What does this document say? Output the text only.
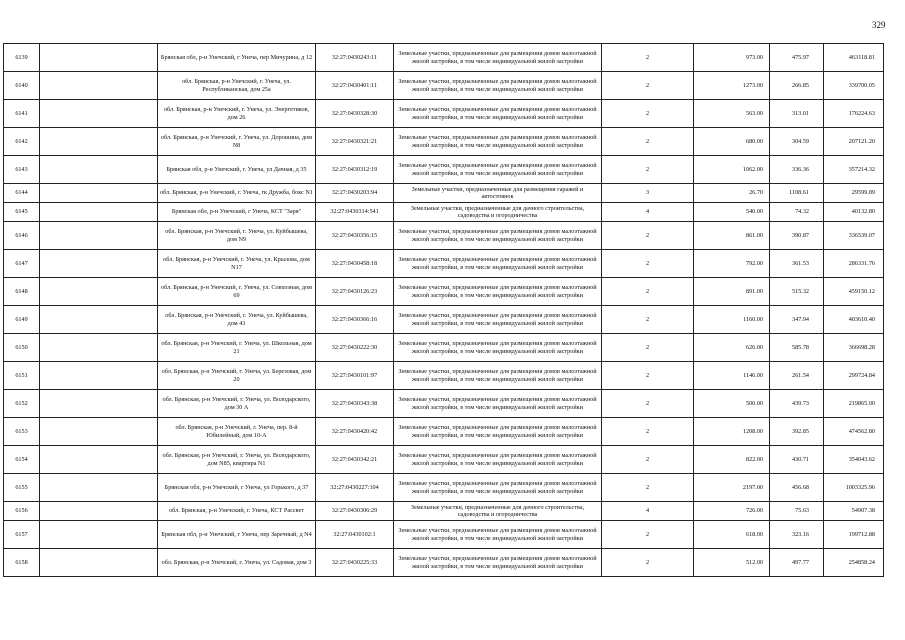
329
6139		Брянская обл, р-н Унечский, г Унеча, пер Мичурина, д 12	32:27:0430243:11	Земельные участки, предназначенные для размещения домов малоэтажной жилой застройки, в том числе индивидуальной жилой застройки	2	973.00	475.97	463118.81
6140		обл. Брянская, р-н Унечский, г. Унеча, ул. Республиканская, дом 25а	32:27:0430401:11	Земельные участки, предназначенные для размещения домов малоэтажной жилой застройки, в том числе индивидуальной жилой застройки	2	1273.00	266.85	339700.05
6141		обл. Брянская, р-н Унечский, г. Унеча, ул. Энергетиков, дом 26	32:27:0430328:30	Земельные участки, предназначенные для размещения домов малоэтажной жилой застройки, в том числе индивидуальной жилой застройки	2	563.00	313.01	176224.63
6142		обл. Брянская, р-н Унечский, г. Унеча, ул. Дорошина, дом N8	32:27:0430321:21	Земельные участки, предназначенные для размещения домов малоэтажной жилой застройки, в том числе индивидуальной жилой застройки	2	680.00	304.59	207121.20
6143		Брянская обл, р-н Унечский, г. Унеча, ул Дачная, д 35	32:27:0430312:19	Земельные участки, предназначенные для размещения домов малоэтажной жилой застройки, в том числе индивидуальной жилой застройки	2	1062.00	336.36	357214.32
6144		обл. Брянская, р-н Унечский, г. Унеча, гк Дружба, бокс N1	32:27:0430203:94	Земельные участки, предназначенные для размещения гаражей и автостоянок	3	26.70	1108.61	29599.89
6145		Брянская обл, р-н Унечский, г Унеча, КСТ "Заря"	32:27:0430314:541	Земельные участки, предназначенные для дачного строительства, садоводства и огородничества	4	540.00	74.32	40132.80
6146		обл. Брянская, р-н Унечский, г. Унеча, ул. Куйбышева, дом N9	32:27:0430356:15	Земельные участки, предназначенные для размещения домов малоэтажной жилой застройки, в том числе индивидуальной жилой застройки	2	861.00	390.87	336539.07
6147		обл. Брянская, р-н Унечский, г. Унеча, ул. Крылова, дом N17	32:27:0430458:18	Земельные участки, предназначенные для размещения домов малоэтажной жилой застройки, в том числе индивидуальной жилой застройки	2	792.00	361.53	286331.76
6148		обл. Брянская, р-н Унечский, г. Унеча, ул. Совхозная, дом 69	32:27:0430126:23	Земельные участки, предназначенные для размещения домов малоэтажной жилой застройки, в том числе индивидуальной жилой застройки	2	891.00	515.32	459150.12
6149		обл. Брянская, р-н Унечский, г. Унеча, ул. Куйбышева, дом 43	32:27:0430366:16	Земельные участки, предназначенные для размещения домов малоэтажной жилой застройки, в том числе индивидуальной жилой застройки	2	1160.00	347.94	403610.40
6150		обл. Брянская, р-н Унечский, г. Унеча, ул. Школьная, дом 21	32:27:0430222:30	Земельные участки, предназначенные для размещения домов малоэтажной жилой застройки, в том числе индивидуальной жилой застройки	2	626.00	585.78	366698.28
6151		обл. Брянская, р-н Унечский, г. Унеча, ул. Березовая, дом 20	32:27:0430101:97	Земельные участки, предназначенные для размещения домов малоэтажной жилой застройки, в том числе индивидуальной жилой застройки	2	1146.00	261.54	299724.84
6152		обл. Брянская, р-н Унечский, г. Унеча, ул. Володарского, дом 30 А	32:27:0430343:38	Земельные участки, предназначенные для размещения домов малоэтажной жилой застройки, в том числе индивидуальной жилой застройки	2	500.00	439.73	219865.00
6153		обл. Брянская, р-н Унечский, г. Унеча, пер. 8-й Юбилейный, дом 10-А	32:27:0430420:42	Земельные участки, предназначенные для размещения домов малоэтажной жилой застройки, в том числе индивидуальной жилой застройки	2	1208.00	392.85	474562.80
6154		обл. Брянская, р-н Унечский, г. Унеча, ул. Володарского, дом N85, квартира N1	32:27:0430342:21	Земельные участки, предназначенные для размещения домов малоэтажной жилой застройки, в том числе индивидуальной жилой застройки	2	822.00	430.71	354043.62
6155		Брянская обл, р-н Унечский, г Унеча, ул Горького, д 37	32:27:0430227:104	Земельные участки, предназначенные для размещения домов малоэтажной жилой застройки, в том числе индивидуальной жилой застройки	2	2197.00	456.68	1003325.96
6156		обл. Брянская, р-н Унечский, г. Унеча, КСТ Рассвет	32:27:0430306:29	Земельные участки, предназначенные для дачного строительства, садоводства и огородничества	4	726.00	75.63	54907.38
6157		Брянская обл, р-н Унечский, г Унеча, пер Заречный, д N4	32:27:0430102:1	Земельные участки, предназначенные для размещения домов малоэтажной жилой застройки, в том числе индивидуальной жилой застройки	2	618.00	323.16	199712.88
6158		обл. Брянская, р-н Унечский, г. Унеча, ул. Садовая, дом 3	32:27:0430225:33	Земельные участки, предназначенные для размещения домов малоэтажной жилой застройки, в том числе индивидуальной жилой застройки	2	512.00	497.77	254858.24
